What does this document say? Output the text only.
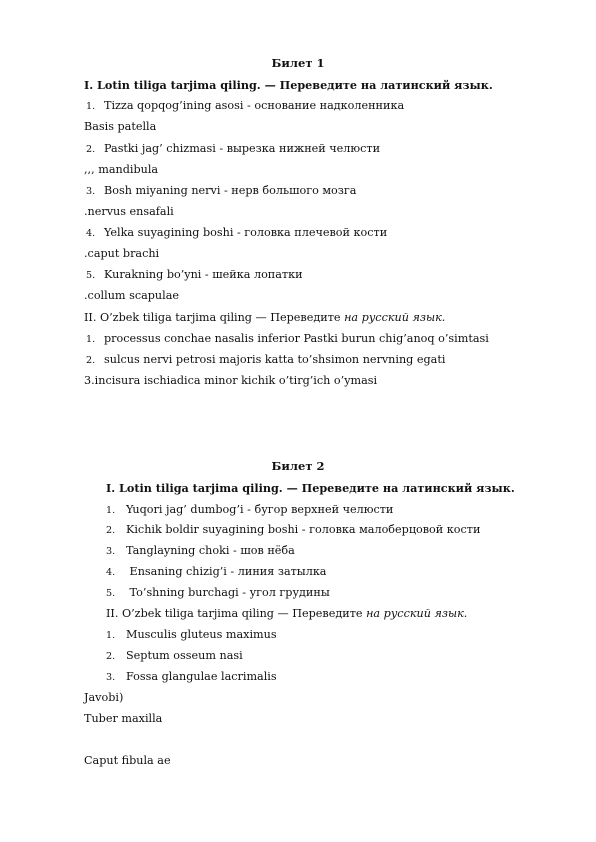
Билет 1
I. Lotin tiliga tarjima qiling. — Переведите на латинский язык.
1. Tizza qopqog’ining asosi - основание надколенника
Basis patella
2. Pastki jag’ chizmasi - вырезка нижней челюсти
,,, mandibula
3. Bosh miyaning nervi - нерв большого мозга
.nervus ensafali
4. Yelka suyagining boshi - головка плечевой кости
.caput brachi
5. Kurakning bo’yni - шейка лопатки
.collum scapulae
II. O’zbek tiliga tarjima qiling — Переведите на русский язык.
1. processus conchae nasalis inferior Pastki burun chig’anoq o’simtasi
2. sulcus nervi petrosi majoris katta to’shsimon nervning egati
3.incisura ischiadica minor kichik o’tirg’ich o’ymasi
Билет 2
I. Lotin tiliga tarjima qiling. — Переведите на латинский язык.
1. Yuqori jag’ dumbog’i - бугор верхней челюсти
2. Kichik boldir suyagining boshi - головка малоберцовой кости
3. Tanglayning choki - шов нёба
4. Ensaning chizig’i - линия затылка
5. To’shning burchagi - угол грудины
II. O’zbek tiliga tarjima qiling — Переведите на русский язык.
1. Musculis gluteus maximus
2. Septum osseum nasi
3. Fossa glangulae lacrimalis
Javobi)
Tuber maxilla
Caput fibula ae
